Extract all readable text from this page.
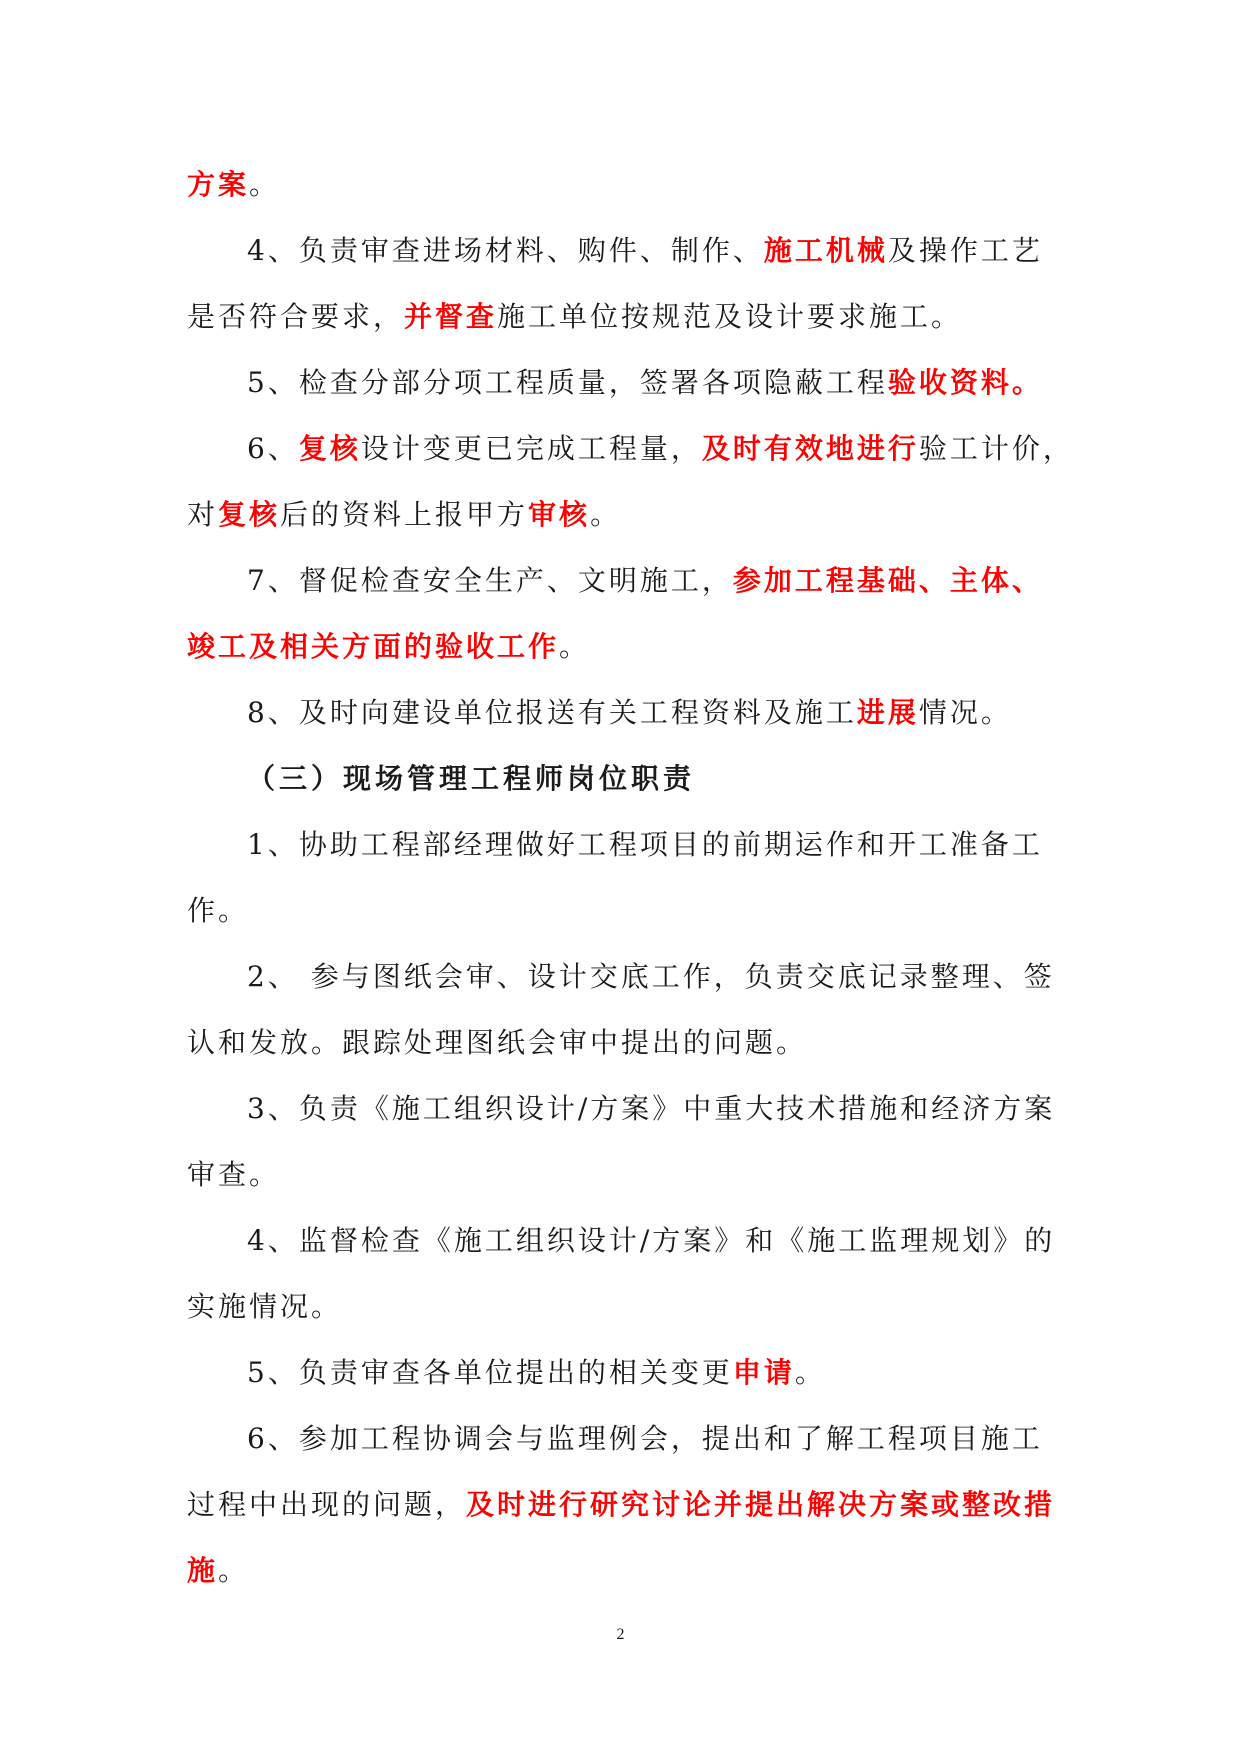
方案。
4、负责审查进场材料、购件、制作、施工机械及操作工艺
是否符合要求，并督查施工单位按规范及设计要求施工。
5、检查分部分项工程质量，签署各项隐蔽工程验收资料。
6、复核设计变更已完成工程量，及时有效地进行验工计价，
对复核后的资料上报甲方审核。
7、督促检查安全生产、文明施工，参加工程基础、主体、
竣工及相关方面的验收工作。
8、及时向建设单位报送有关工程资料及施工进展情况。
（三）现场管理工程师岗位职责
1、协助工程部经理做好工程项目的前期运作和开工准备工
作。
2、 参与图纸会审、设计交底工作，负责交底记录整理、签
认和发放。跟踪处理图纸会审中提出的问题。
3、负责《施工组织设计/方案》中重大技术措施和经济方案
审查。
4、监督检查《施工组织设计/方案》和《施工监理规划》的
实施情况。
5、负责审查各单位提出的相关变更申请。
6、参加工程协调会与监理例会，提出和了解工程项目施工
过程中出现的问题，及时进行研究讨论并提出解决方案或整改措
施。
2
